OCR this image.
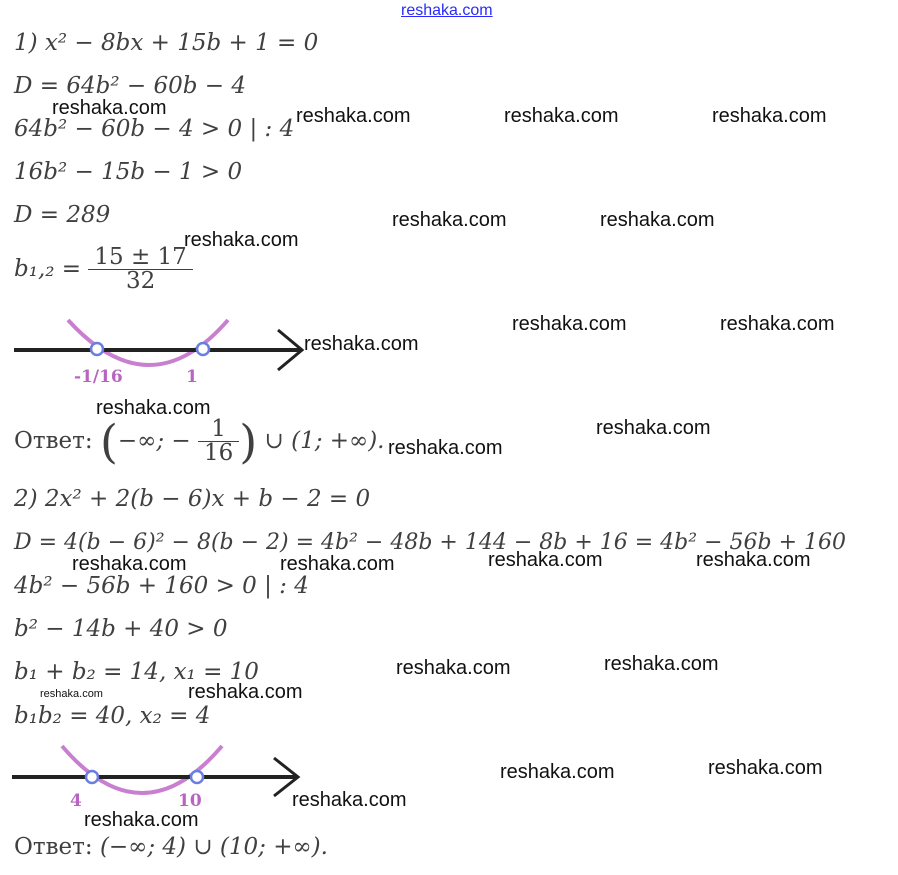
reshaka.com
1) x² − 8bx + 15b + 1 = 0
D = 64b² − 60b − 4
64b² − 60b − 4 > 0 | : 4
16b² − 15b − 1 > 0
D = 289
$b_1,_2 = \frac{15 \pm 17}{32}$
-1/16	1
Ответ: (−∞; − $\frac{1}{16}$ ) ∪ (1; +∞).
2) 2x² + 2(b − 6)x + b − 2 = 0
D = 4(b − 6)² − 8(b − 2) = 4b² − 48b + 144 − 8b + 16 = 4b² − 56b + 160
4b² − 56b + 160 > 0 | : 4
b² − 14b + 40 > 0
b₁ + b₂ = 14, x₁ = 10
b₁b₂ = 40, x₂ = 4
4	10
Ответ: (−∞; 4) ∪ (10; +∞).
reshaka.com	reshaka.com	reshaka.com	reshaka.com
reshaka.com	reshaka.com
reshaka.com
reshaka.com	reshaka.com
reshaka.com
reshaka.com
reshaka.com
reshaka.com
reshaka.com	reshaka.com
reshaka.com	reshaka.com
reshaka.com	reshaka.com
reshaka.com
reshaka.com
reshaka.com	reshaka.com
reshaka.com
reshaka.com
